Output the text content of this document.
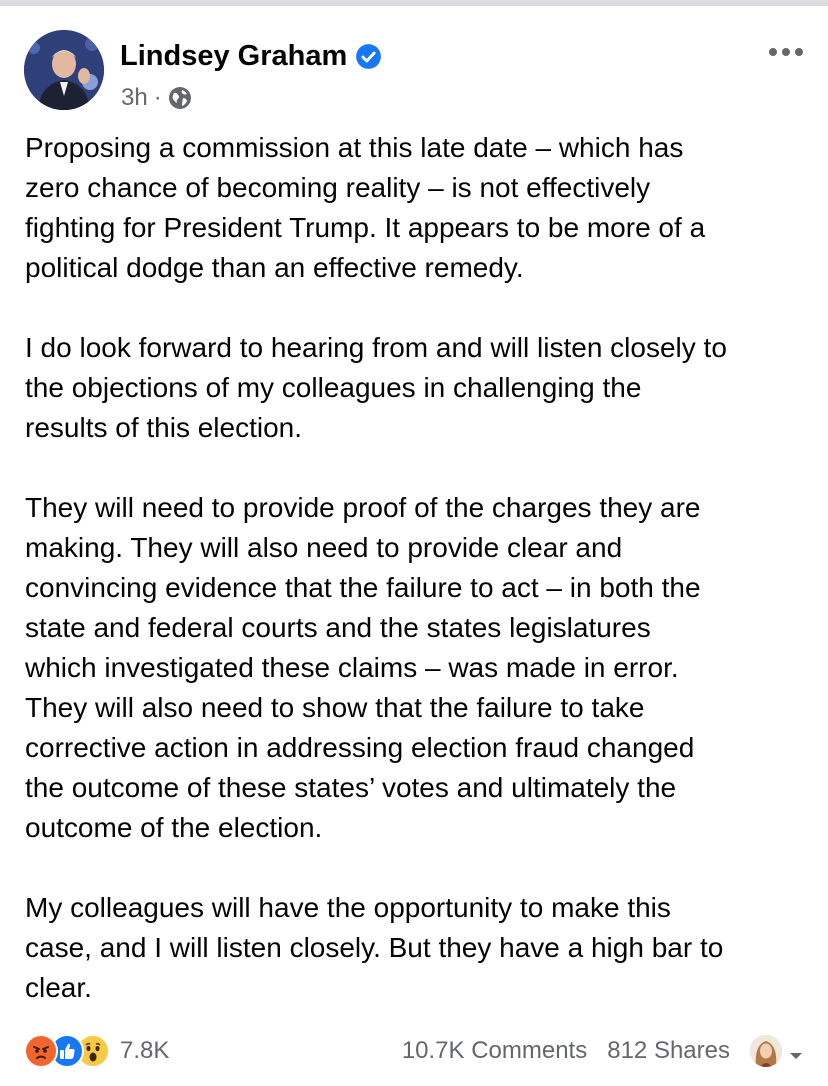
Lindsey Graham
3h ·

Proposing a commission at this late date – which has
zero chance of becoming reality – is not effectively
fighting for President Trump. It appears to be more of a
political dodge than an effective remedy.

I do look forward to hearing from and will listen closely to
the objections of my colleagues in challenging the
results of this election.

They will need to provide proof of the charges they are
making. They will also need to provide clear and
convincing evidence that the failure to act – in both the
state and federal courts and the states legislatures
which investigated these claims – was made in error.
They will also need to show that the failure to take
corrective action in addressing election fraud changed
the outcome of these states’ votes and ultimately the
outcome of the election.

My colleagues will have the opportunity to make this
case, and I will listen closely. But they have a high bar to
clear.

7.8K	10.7K Comments 812 Shares
